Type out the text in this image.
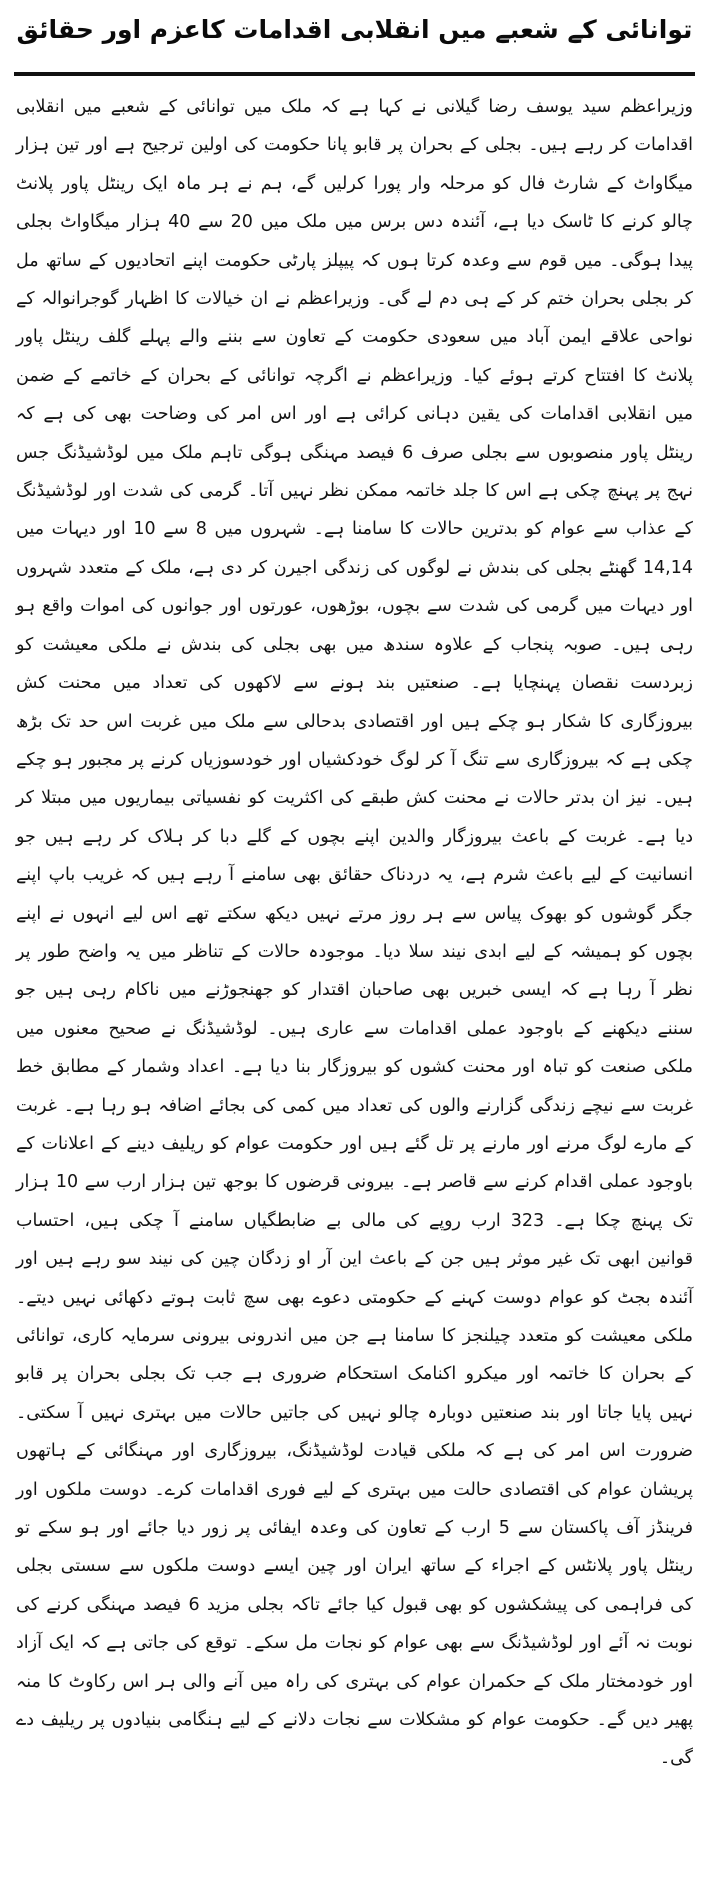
توانائی کے شعبے میں انقلابی اقدامات کاعزم اور حقائق

وزیراعظم سید یوسف رضا گیلانی نے کہا ہے کہ ملک میں توانائی کے شعبے میں انقلابی اقدامات کر رہے ہیں۔ بجلی کے بحران پر قابو پانا حکومت کی اولین ترجیح ہے اور تین ہزار میگاواٹ کے شارٹ فال کو مرحلہ وار پورا کرلیں گے، ہم نے ہر ماہ ایک رینٹل پاور پلانٹ چالو کرنے کا ٹاسک دیا ہے، آئندہ دس برس میں ملک میں 20 سے 40 ہزار میگاواٹ بجلی پیدا ہوگی۔ میں قوم سے وعدہ کرتا ہوں کہ پیپلز پارٹی حکومت اپنے اتحادیوں کے ساتھ مل کر بجلی بحران ختم کر کے ہی دم لے گی۔ وزیراعظم نے ان خیالات کا اظہار گوجرانوالہ کے نواحی علاقے ایمن آباد میں سعودی حکومت کے تعاون سے بننے والے پہلے گلف رینٹل پاور پلانٹ کا افتتاح کرتے ہوئے کیا۔ وزیراعظم نے اگرچہ توانائی کے بحران کے خاتمے کے ضمن میں انقلابی اقدامات کی یقین دہانی کرائی ہے اور اس امر کی وضاحت بھی کی ہے کہ رینٹل پاور منصوبوں سے بجلی صرف 6 فیصد مہنگی ہوگی تاہم ملک میں لوڈشیڈنگ جس نہج پر پہنچ چکی ہے اس کا جلد خاتمہ ممکن نظر نہیں آتا۔ گرمی کی شدت اور لوڈشیڈنگ کے عذاب سے عوام کو بدترین حالات کا سامنا ہے۔ شہروں میں 8 سے 10 اور دیہات میں 14,14 گھنٹے بجلی کی بندش نے لوگوں کی زندگی اجیرن کر دی ہے، ملک کے متعدد شہروں اور دیہات میں گرمی کی شدت سے بچوں، بوڑھوں، عورتوں اور جوانوں کی اموات واقع ہو رہی ہیں۔ صوبہ پنجاب کے علاوہ سندھ میں بھی بجلی کی بندش نے ملکی معیشت کو زبردست نقصان پہنچایا ہے۔ صنعتیں بند ہونے سے لاکھوں کی تعداد میں محنت کش بیروزگاری کا شکار ہو چکے ہیں اور اقتصادی بدحالی سے ملک میں غربت اس حد تک بڑھ چکی ہے کہ بیروزگاری سے تنگ آ کر لوگ خودکشیاں اور خودسوزیاں کرنے پر مجبور ہو چکے ہیں۔ نیز ان بدتر حالات نے محنت کش طبقے کی اکثریت کو نفسیاتی بیماریوں میں مبتلا کر دیا ہے۔ غربت کے باعث بیروزگار والدین اپنے بچوں کے گلے دبا کر ہلاک کر رہے ہیں جو انسانیت کے لیے باعث شرم ہے، یہ دردناک حقائق بھی سامنے آ رہے ہیں کہ غریب باپ اپنے جگر گوشوں کو بھوک پیاس سے ہر روز مرتے نہیں دیکھ سکتے تھے اس لیے انہوں نے اپنے بچوں کو ہمیشہ کے لیے ابدی نیند سلا دیا۔ موجودہ حالات کے تناظر میں یہ واضح طور پر نظر آ رہا ہے کہ ایسی خبریں بھی صاحبان اقتدار کو جھنجوڑنے میں ناکام رہی ہیں جو سننے دیکھنے کے باوجود عملی اقدامات سے عاری ہیں۔ لوڈشیڈنگ نے صحیح معنوں میں ملکی صنعت کو تباہ اور محنت کشوں کو بیروزگار بنا دیا ہے۔ اعداد وشمار کے مطابق خط غربت سے نیچے زندگی گزارنے والوں کی تعداد میں کمی کی بجائے اضافہ ہو رہا ہے۔ غربت کے مارے لوگ مرنے اور مارنے پر تل گئے ہیں اور حکومت عوام کو ریلیف دینے کے اعلانات کے باوجود عملی اقدام کرنے سے قاصر ہے۔ بیرونی قرضوں کا بوجھ تین ہزار ارب سے 10 ہزار تک پہنچ چکا ہے۔ 323 ارب روپے کی مالی بے ضابطگیاں سامنے آ چکی ہیں، احتساب قوانین ابھی تک غیر موثر ہیں جن کے باعث این آر او زدگان چین کی نیند سو رہے ہیں اور آئندہ بجٹ کو عوام دوست کہنے کے حکومتی دعوے بھی سچ ثابت ہوتے دکھائی نہیں دیتے۔ ملکی معیشت کو متعدد چیلنجز کا سامنا ہے جن میں اندرونی بیرونی سرمایہ کاری، توانائی کے بحران کا خاتمہ اور میکرو اکنامک استحکام ضروری ہے جب تک بجلی بحران پر قابو نہیں پایا جاتا اور بند صنعتیں دوبارہ چالو نہیں کی جاتیں حالات میں بہتری نہیں آ سکتی۔ ضرورت اس امر کی ہے کہ ملکی قیادت لوڈشیڈنگ، بیروزگاری اور مہنگائی کے ہاتھوں پریشان عوام کی اقتصادی حالت میں بہتری کے لیے فوری اقدامات کرے۔ دوست ملکوں اور فرینڈز آف پاکستان سے 5 ارب کے تعاون کی وعدہ ایفائی پر زور دیا جائے اور ہو سکے تو رینٹل پاور پلانٹس کے اجراء کے ساتھ ایران اور چین ایسے دوست ملکوں سے سستی بجلی کی فراہمی کی پیشکشوں کو بھی قبول کیا جائے تاکہ بجلی مزید 6 فیصد مہنگی کرنے کی نوبت نہ آئے اور لوڈشیڈنگ سے بھی عوام کو نجات مل سکے۔ توقع کی جاتی ہے کہ ایک آزاد اور خودمختار ملک کے حکمران عوام کی بہتری کی راہ میں آنے والی ہر اس رکاوٹ کا منہ پھیر دیں گے۔ حکومت عوام کو مشکلات سے نجات دلانے کے لیے ہنگامی بنیادوں پر ریلیف دے گی۔
